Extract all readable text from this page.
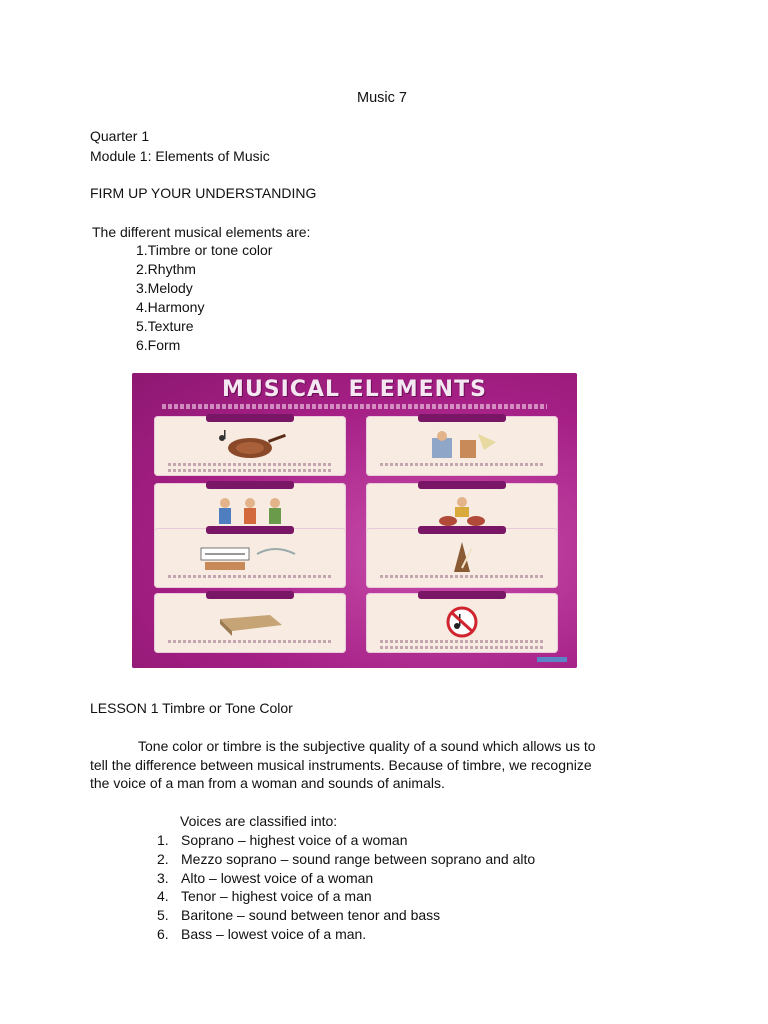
Music 7
Quarter 1
Module 1: Elements of Music
FIRM UP YOUR UNDERSTANDING
The different musical elements are:
1.Timbre or tone color
2.Rhythm
3.Melody
4.Harmony
5.Texture
6.Form
MUSICAL ELEMENTS
LESSON 1 Timbre or Tone Color
Tone color or timbre is the subjective quality of a sound which allows us to
tell the difference between musical instruments. Because of timbre, we recognize
the voice of a man from a woman and sounds of animals.
Voices are classified into:
1. Soprano – highest voice of a woman
2. Mezzo soprano – sound range between soprano and alto
3. Alto – lowest voice of a woman
4. Tenor – highest voice of a man
5. Baritone – sound between tenor and bass
6. Bass – lowest voice of a man.
